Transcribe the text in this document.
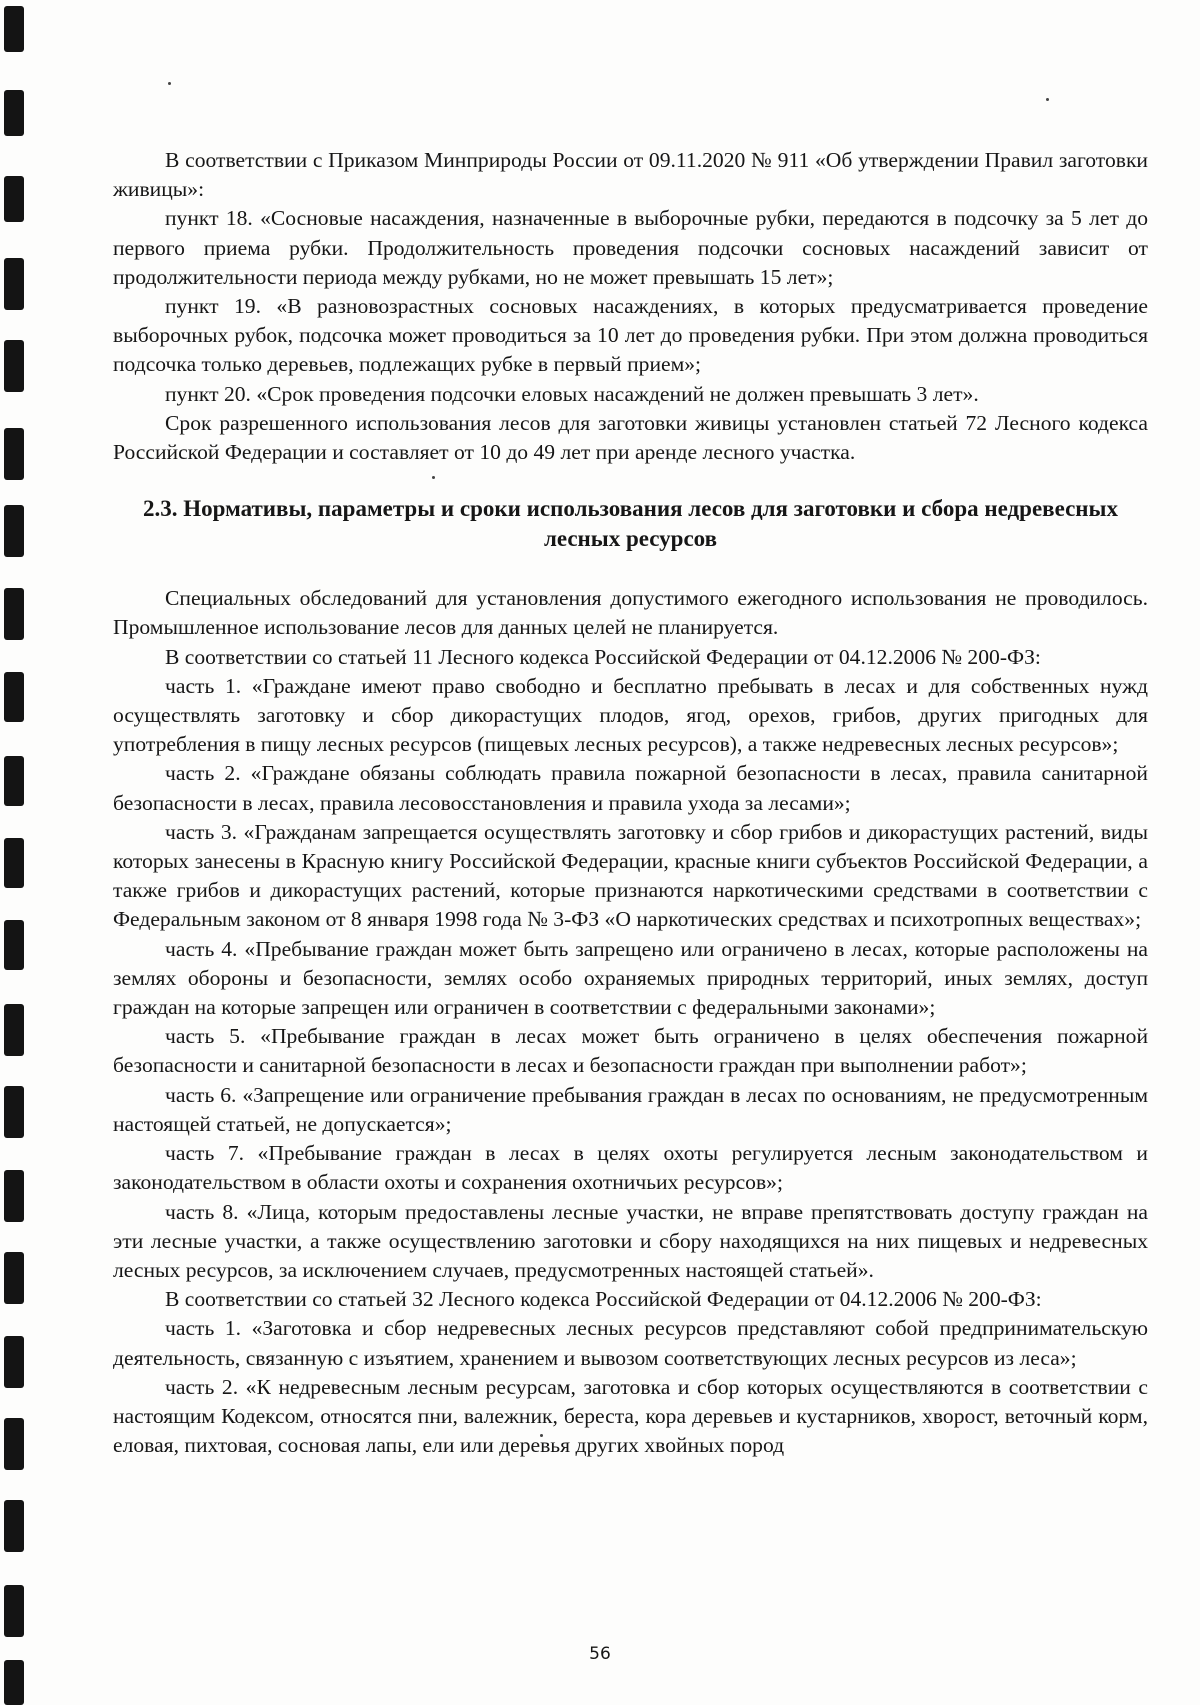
В соответствии с Приказом Минприроды России от 09.11.2020 № 911 «Об утверждении Правил заготовки живицы»:

пункт 18. «Сосновые насаждения, назначенные в выборочные рубки, передаются в подсочку за 5 лет до первого приема рубки. Продолжительность проведения подсочки сосновых насаждений зависит от продолжительности периода между рубками, но не может превышать 15 лет»;

пункт 19. «В разновозрастных сосновых насаждениях, в которых предусматривается проведение выборочных рубок, подсочка может проводиться за 10 лет до проведения рубки. При этом должна проводиться подсочка только деревьев, подлежащих рубке в первый прием»;

пункт 20. «Срок проведения подсочки еловых насаждений не должен превышать 3 лет».

Срок разрешенного использования лесов для заготовки живицы установлен статьей 72 Лесного кодекса Российской Федерации и составляет от 10 до 49 лет при аренде лесного участка.

2.3. Нормативы, параметры и сроки использования лесов для заготовки и сбора недревесных лесных ресурсов

Специальных обследований для установления допустимого ежегодного использования не проводилось. Промышленное использование лесов для данных целей не планируется.

В соответствии со статьей 11 Лесного кодекса Российской Федерации от 04.12.2006 № 200-ФЗ:

часть 1. «Граждане имеют право свободно и бесплатно пребывать в лесах и для собственных нужд осуществлять заготовку и сбор дикорастущих плодов, ягод, орехов, грибов, других пригодных для употребления в пищу лесных ресурсов (пищевых лесных ресурсов), а также недревесных лесных ресурсов»;

часть 2. «Граждане обязаны соблюдать правила пожарной безопасности в лесах, правила санитарной безопасности в лесах, правила лесовосстановления и правила ухода за лесами»;

часть 3. «Гражданам запрещается осуществлять заготовку и сбор грибов и дикорастущих растений, виды которых занесены в Красную книгу Российской Федерации, красные книги субъектов Российской Федерации, а также грибов и дикорастущих растений, которые признаются наркотическими средствами в соответствии с Федеральным законом от 8 января 1998 года № 3-ФЗ «О наркотических средствах и психотропных веществах»;

часть 4. «Пребывание граждан может быть запрещено или ограничено в лесах, которые расположены на землях обороны и безопасности, землях особо охраняемых природных территорий, иных землях, доступ граждан на которые запрещен или ограничен в соответствии с федеральными законами»;

часть 5. «Пребывание граждан в лесах может быть ограничено в целях обеспечения пожарной безопасности и санитарной безопасности в лесах и безопасности граждан при выполнении работ»;

часть 6. «Запрещение или ограничение пребывания граждан в лесах по основаниям, не предусмотренным настоящей статьей, не допускается»;

часть 7. «Пребывание граждан в лесах в целях охоты регулируется лесным законодательством и законодательством в области охоты и сохранения охотничьих ресурсов»;

часть 8. «Лица, которым предоставлены лесные участки, не вправе препятствовать доступу граждан на эти лесные участки, а также осуществлению заготовки и сбору находящихся на них пищевых и недревесных лесных ресурсов, за исключением случаев, предусмотренных настоящей статьей».

В соответствии со статьей 32 Лесного кодекса Российской Федерации от 04.12.2006 № 200-ФЗ:

часть 1. «Заготовка и сбор недревесных лесных ресурсов представляют собой предпринимательскую деятельность, связанную с изъятием, хранением и вывозом соответствующих лесных ресурсов из леса»;

часть 2. «К недревесным лесным ресурсам, заготовка и сбор которых осуществляются в соответствии с настоящим Кодексом, относятся пни, валежник, береста, кора деревьев и кустарников, хворост, веточный корм, еловая, пихтовая, сосновая лапы, ели или деревья других хвойных пород

56
